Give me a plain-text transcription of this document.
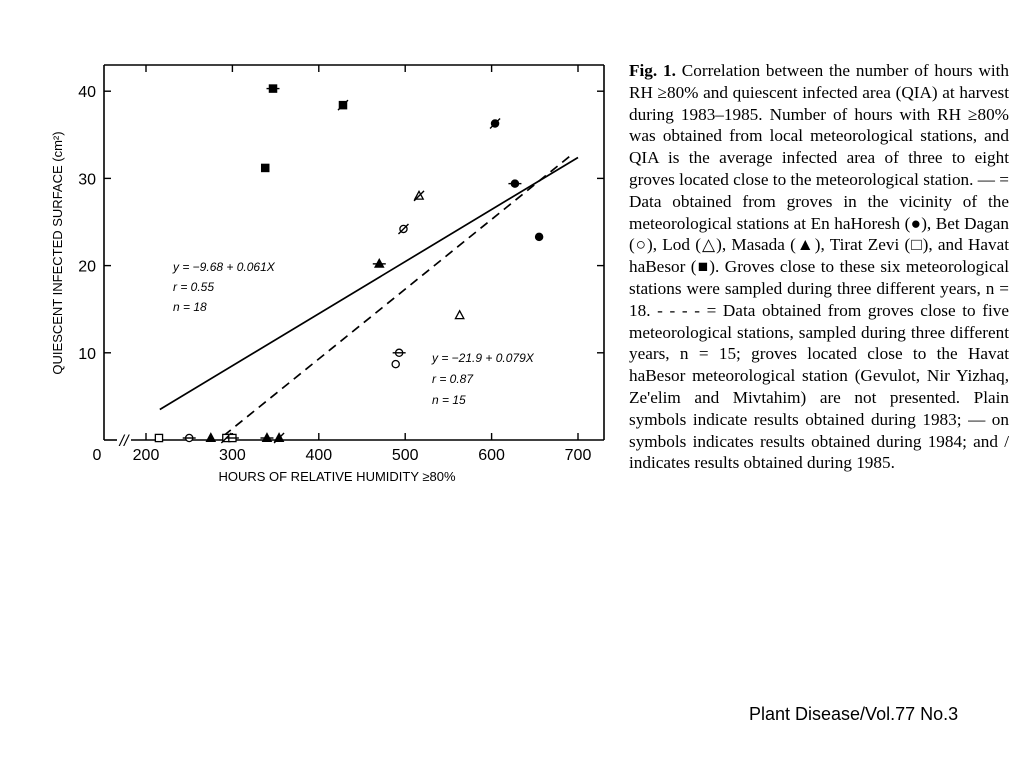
//
0
10
20
30
40
200	300	400	500	600	700
HOURS OF RELATIVE HUMIDITY ≥80%
QUIESCENT INFECTED SURFACE (cm²)	y = −9.68 + 0.061X r = 0.55 n = 18
y = −21.9 + 0.079X r = 0.87 n = 15
Fig. 1. Correlation between the number of hours with RH ≥80% and quiescent infected area (QIA) at harvest during 1983–1985. Number of hours with RH ≥80% was obtained from local meteorological stations, and QIA is the average infected area of three to eight groves located close to the meteorological station. — = Data obtained from groves in the vicinity of the meteorological stations at En haHoresh (●), Bet Dagan (○), Lod (△), Masada (▲), Tirat Zevi (□), and Havat haBesor (■). Groves close to these six meteorological stations were sampled during three different years, n = 18. - - - - = Data obtained from groves close to five meteorological stations, sampled during three different years, n = 15; groves located close to the Havat haBesor meteorological station (Gevulot, Nir Yizhaq, Ze'elim and Mivtahim) are not presented. Plain symbols indicate results obtained during 1983; — on symbols indicates results obtained during 1984; and / indicates results obtained during 1985.
Plant Disease/Vol.77 No.3
